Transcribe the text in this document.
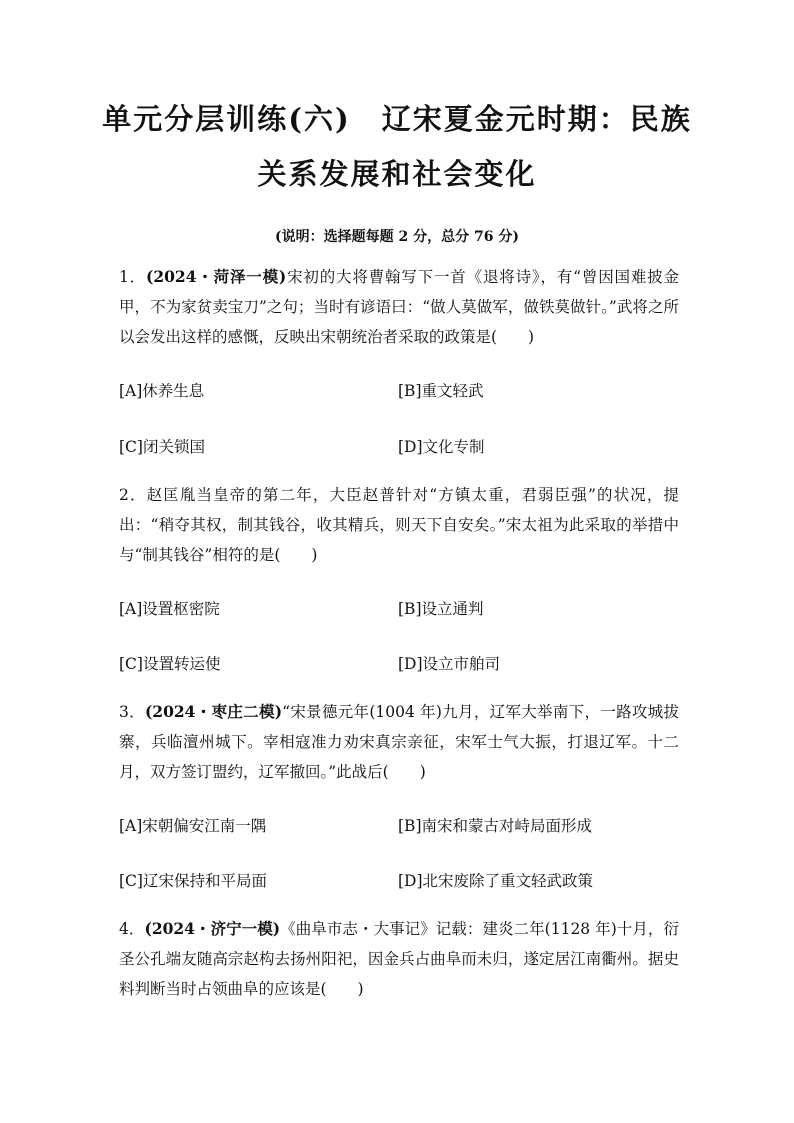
单元分层训练(六)　辽宋夏金元时期：民族
关系发展和社会变化
(说明：选择题每题 2 分，总分 76 分)
1．(2024・菏泽一模)宋初的大将曹翰写下一首《退将诗》，有“曾因国难披金甲，不为家贫卖宝刀”之句；当时有谚语曰：“做人莫做军，做铁莫做针。”武将之所以会发出这样的感慨，反映出宋朝统治者采取的政策是(　　)
[A]休养生息	[B]重文轻武
[C]闭关锁国	[D]文化专制
2．赵匡胤当皇帝的第二年，大臣赵普针对“方镇太重，君弱臣强”的状况，提出：“稍夺其权，制其钱谷，收其精兵，则天下自安矣。”宋太祖为此采取的举措中与“制其钱谷”相符的是(　　)
[A]设置枢密院	[B]设立通判
[C]设置转运使	[D]设立市舶司
3．(2024・枣庄二模)“宋景德元年(1004 年)九月，辽军大举南下，一路攻城拔寨，兵临澶州城下。宰相寇准力劝宋真宗亲征，宋军士气大振，打退辽军。十二月，双方签订盟约，辽军撤回。”此战后(　　)
[A]宋朝偏安江南一隅	[B]南宋和蒙古对峙局面形成
[C]辽宋保持和平局面	[D]北宋废除了重文轻武政策
4．(2024・济宁一模)《曲阜市志・大事记》记载：建炎二年(1128 年)十月，衍圣公孔端友随高宗赵构去扬州阳祀，因金兵占曲阜而未归，遂定居江南衢州。据史料判断当时占领曲阜的应该是(　　)
